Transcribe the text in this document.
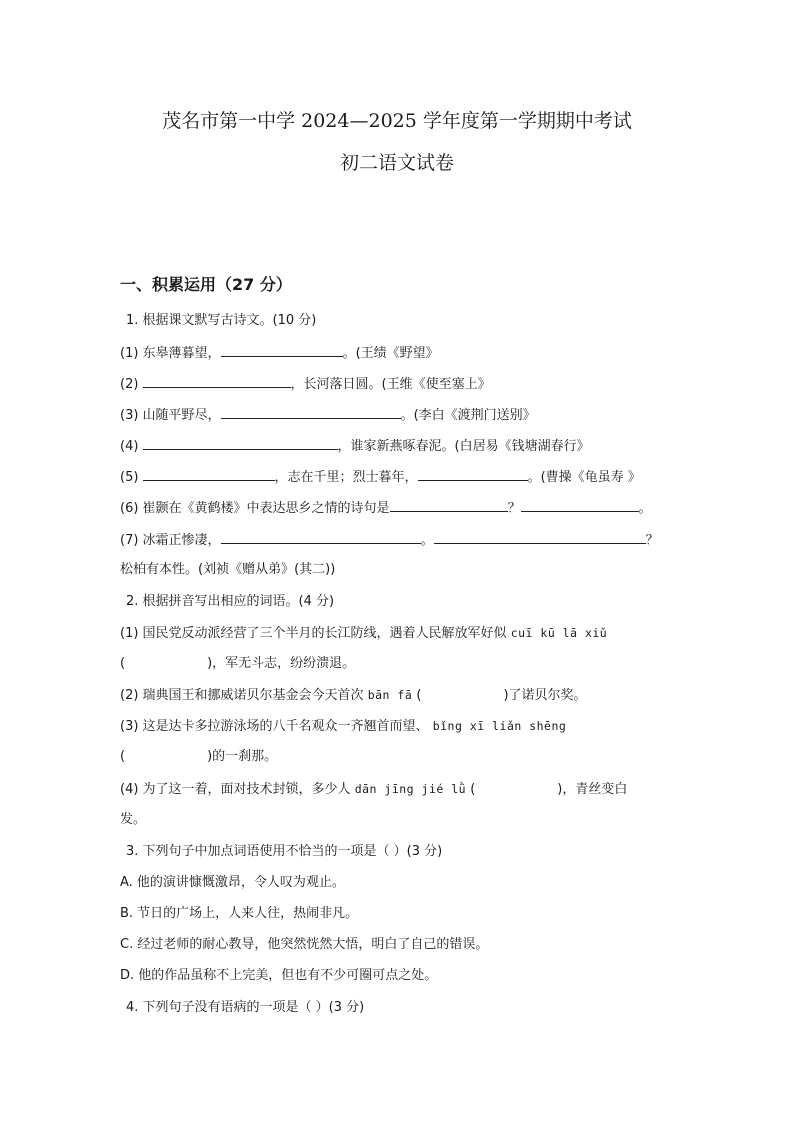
茂名市第一中学 2024—2025 学年度第一学期期中考试
初二语文试卷
一、积累运用（27 分）
1. 根据课文默写古诗文。(10 分)
(1) 东皋薄暮望，	。(王绩《野望》
(2)	，长河落日圆。(王维《使至塞上》
(3) 山随平野尽，	。(李白《渡荆门送别》
(4)	，谁家新燕啄春泥。(白居易《钱塘湖春行》
(5)	，志在千里；烈士暮年，	。(曹操《龟虽寿 》
(6) 崔颢在《黄鹤楼》中表达思乡之情的诗句是	？	。
(7) 冰霜正惨凄，	。	？
松柏有本性。(刘祯《赠从弟》(其二))
2. 根据拼音写出相应的词语。(4 分)
(1) 国民党反动派经营了三个半月的长江防线，遇着人民解放军好似 cuī kū lā xiǔ
(	)，军无斗志，纷纷溃退。
(2) 瑞典国王和挪威诺贝尔基金会今天首次 bān fā (	)了诺贝尔奖。
(3) 这是达卡多拉游泳场的八千名观众一齐翘首而望、 bǐng xī liǎn shēng
(	)的一刹那。
(4) 为了这一着，面对技术封锁，多少人 dān jīng jié lǜ (	)，青丝变白
发。
3. 下列句子中加点词语使用不恰当的一项是（ ）(3 分)
A. 他的演讲慷慨激昂，令人叹为观止。
B. 节日的广场上，人来人往，热闹非凡。
C. 经过老师的耐心教导，他突然恍然大悟，明白了自己的错误。
D. 他的作品虽称不上完美，但也有不少可圈可点之处。
4. 下列句子没有语病的一项是（ ）(3 分)
